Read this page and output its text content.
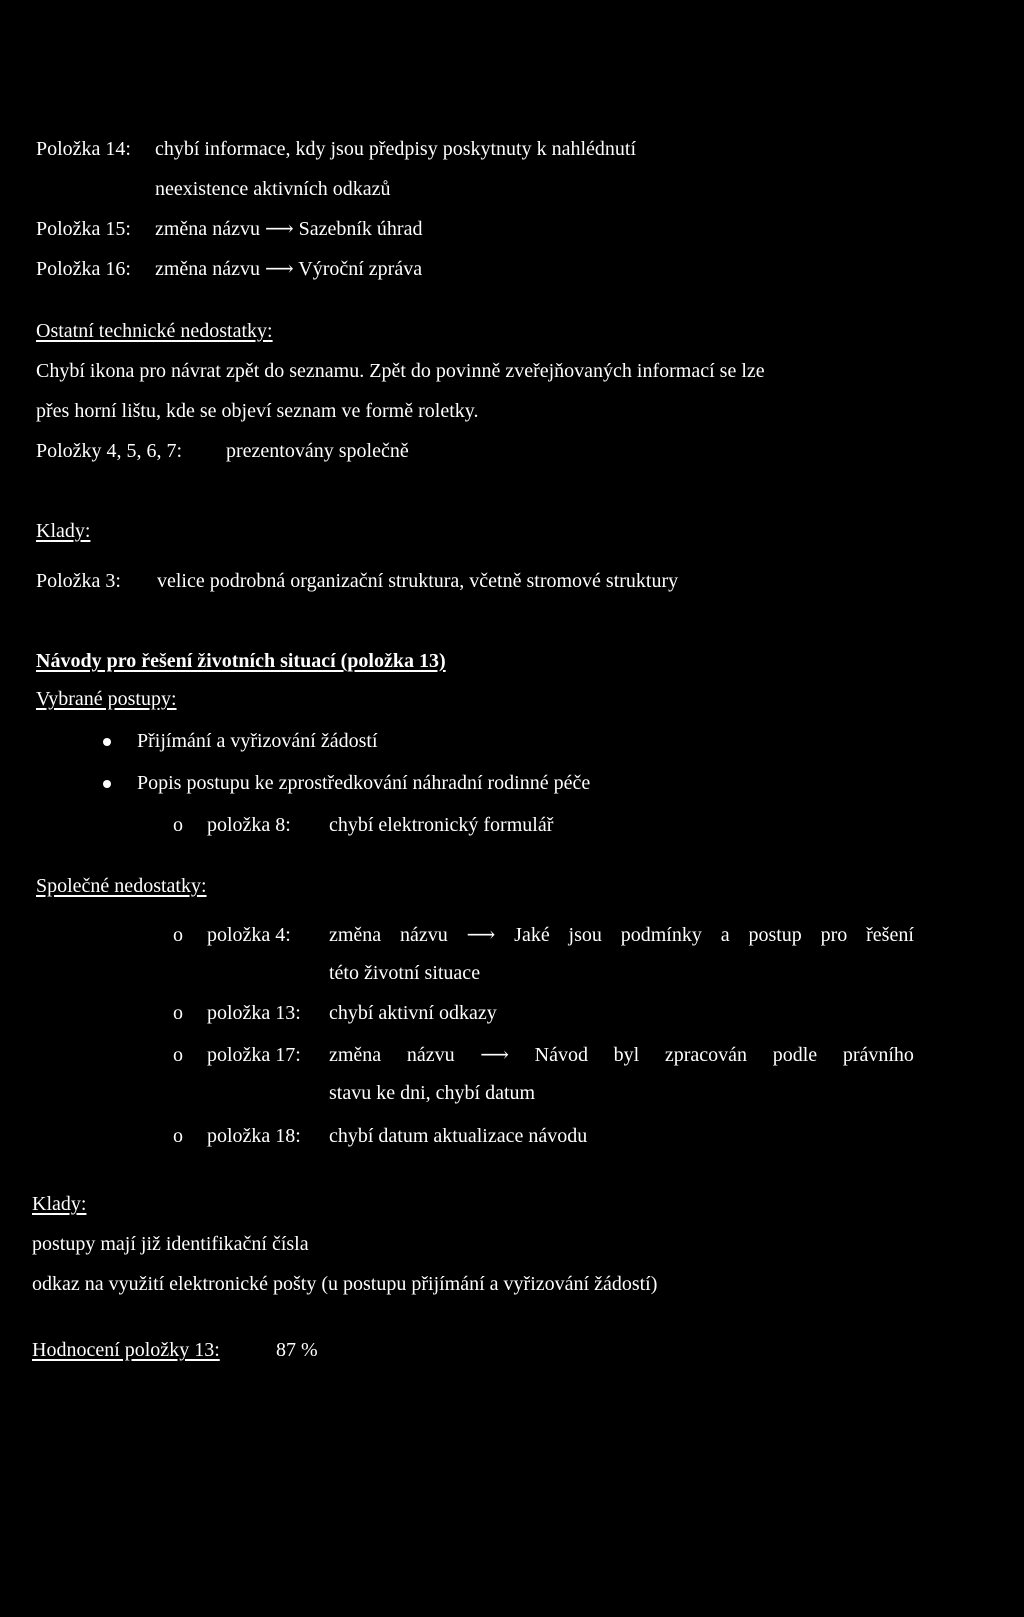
Položka 14: chybí informace, kdy jsou předpisy poskytnuty k nahlédnutí
neexistence aktivních odkazů
Položka 15: změna názvu ⟶ Sazebník úhrad
Položka 16: změna názvu ⟶ Výroční zpráva
Ostatní technické nedostatky:
Chybí ikona pro návrat zpět do seznamu. Zpět do povinně zveřejňovaných informací se lze
přes horní lištu, kde se objeví seznam ve formě roletky.
Položky 4, 5, 6, 7: prezentovány společně
Klady:
Položka 3: velice podrobná organizační struktura, včetně stromové struktury
Návody pro řešení životních situací (položka 13)
Vybrané postupy:
Přijímání a vyřizování žádostí
Popis postupu ke zprostředkování náhradní rodinné péče
o položka 8: chybí elektronický formulář
Společné nedostatky:
o položka 4: změna názvu ⟶ Jaké jsou podmínky a postup pro řešení
této životní situace
o položka 13: chybí aktivní odkazy
o položka 17: změna názvu ⟶ Návod byl zpracován podle právního
stavu ke dni, chybí datum
o položka 18: chybí datum aktualizace návodu
Klady:
postupy mají již identifikační čísla
odkaz na využití elektronické pošty (u postupu přijímání a vyřizování žádostí)
Hodnocení položky 13:	87 %
